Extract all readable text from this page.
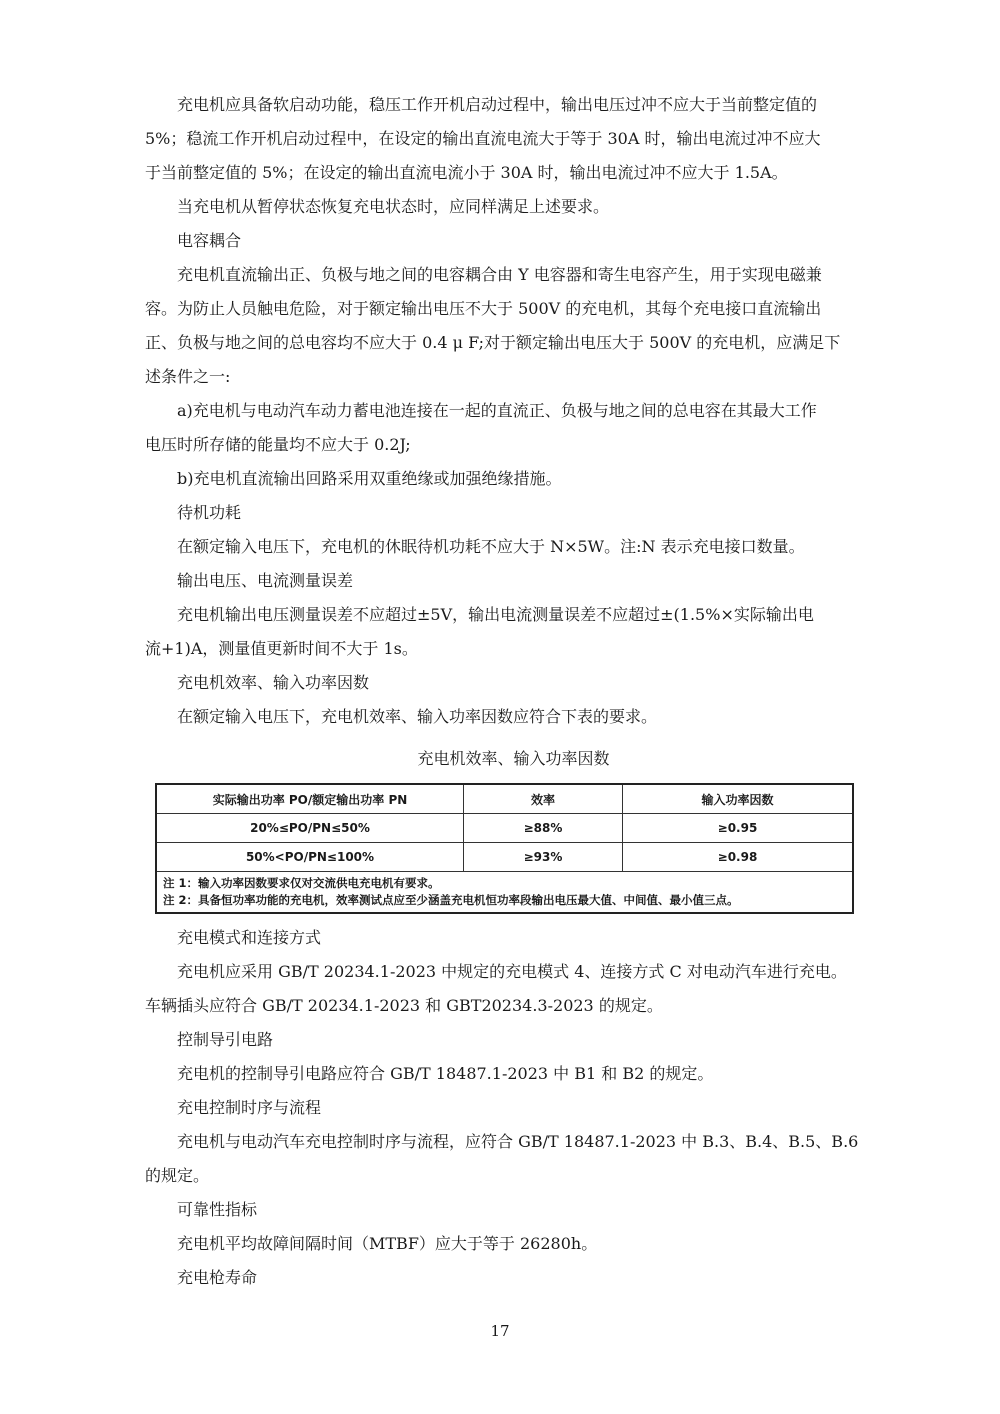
充电机应具备软启动功能，稳压工作开机启动过程中，输出电压过冲不应大于当前整定值的
5%；稳流工作开机启动过程中，在设定的输出直流电流大于等于 30A 时，输出电流过冲不应大
于当前整定值的 5%；在设定的输出直流电流小于 30A 时，输出电流过冲不应大于 1.5A。
当充电机从暂停状态恢复充电状态时，应同样满足上述要求。
电容耦合
充电机直流输出正、负极与地之间的电容耦合由 Y 电容器和寄生电容产生，用于实现电磁兼
容。为防止人员触电危险，对于额定输出电压不大于 500V 的充电机，其每个充电接口直流输出
正、负极与地之间的总电容均不应大于 0.4 μ F;对于额定输出电压大于 500V 的充电机，应满足下
述条件之一:
a)充电机与电动汽车动力蓄电池连接在一起的直流正、负极与地之间的总电容在其最大工作
电压时所存储的能量均不应大于 0.2J;
b)充电机直流输出回路采用双重绝缘或加强绝缘措施。
待机功耗
在额定输入电压下，充电机的休眠待机功耗不应大于 N×5W。注:N 表示充电接口数量。
输出电压、电流测量误差
充电机输出电压测量误差不应超过±5V，输出电流测量误差不应超过±(1.5%×实际输出电
流+1)A，测量值更新时间不大于 1s。
充电机效率、输入功率因数
在额定输入电压下，充电机效率、输入功率因数应符合下表的要求。
充电机效率、输入功率因数
实际输出功率 PO/额定输出功率 PN	效率	输入功率因数
20%≤PO/PN≤50%	≥88%	≥0.95
50%<PO/PN≤100%	≥93%	≥0.98
注 1：输入功率因数要求仅对交流供电充电机有要求。
注 2：具备恒功率功能的充电机，效率测试点应至少涵盖充电机恒功率段输出电压最大值、中间值、最小值三点。
充电模式和连接方式
充电机应采用 GB/T 20234.1-2023 中规定的充电模式 4、连接方式 C 对电动汽车进行充电。
车辆插头应符合 GB/T 20234.1-2023 和 GBT20234.3-2023 的规定。
控制导引电路
充电机的控制导引电路应符合 GB/T 18487.1-2023 中 B1 和 B2 的规定。
充电控制时序与流程
充电机与电动汽车充电控制时序与流程，应符合 GB/T 18487.1-2023 中 B.3、B.4、B.5、B.6
的规定。
可靠性指标
充电机平均故障间隔时间（MTBF）应大于等于 26280h。
充电枪寿命
17
